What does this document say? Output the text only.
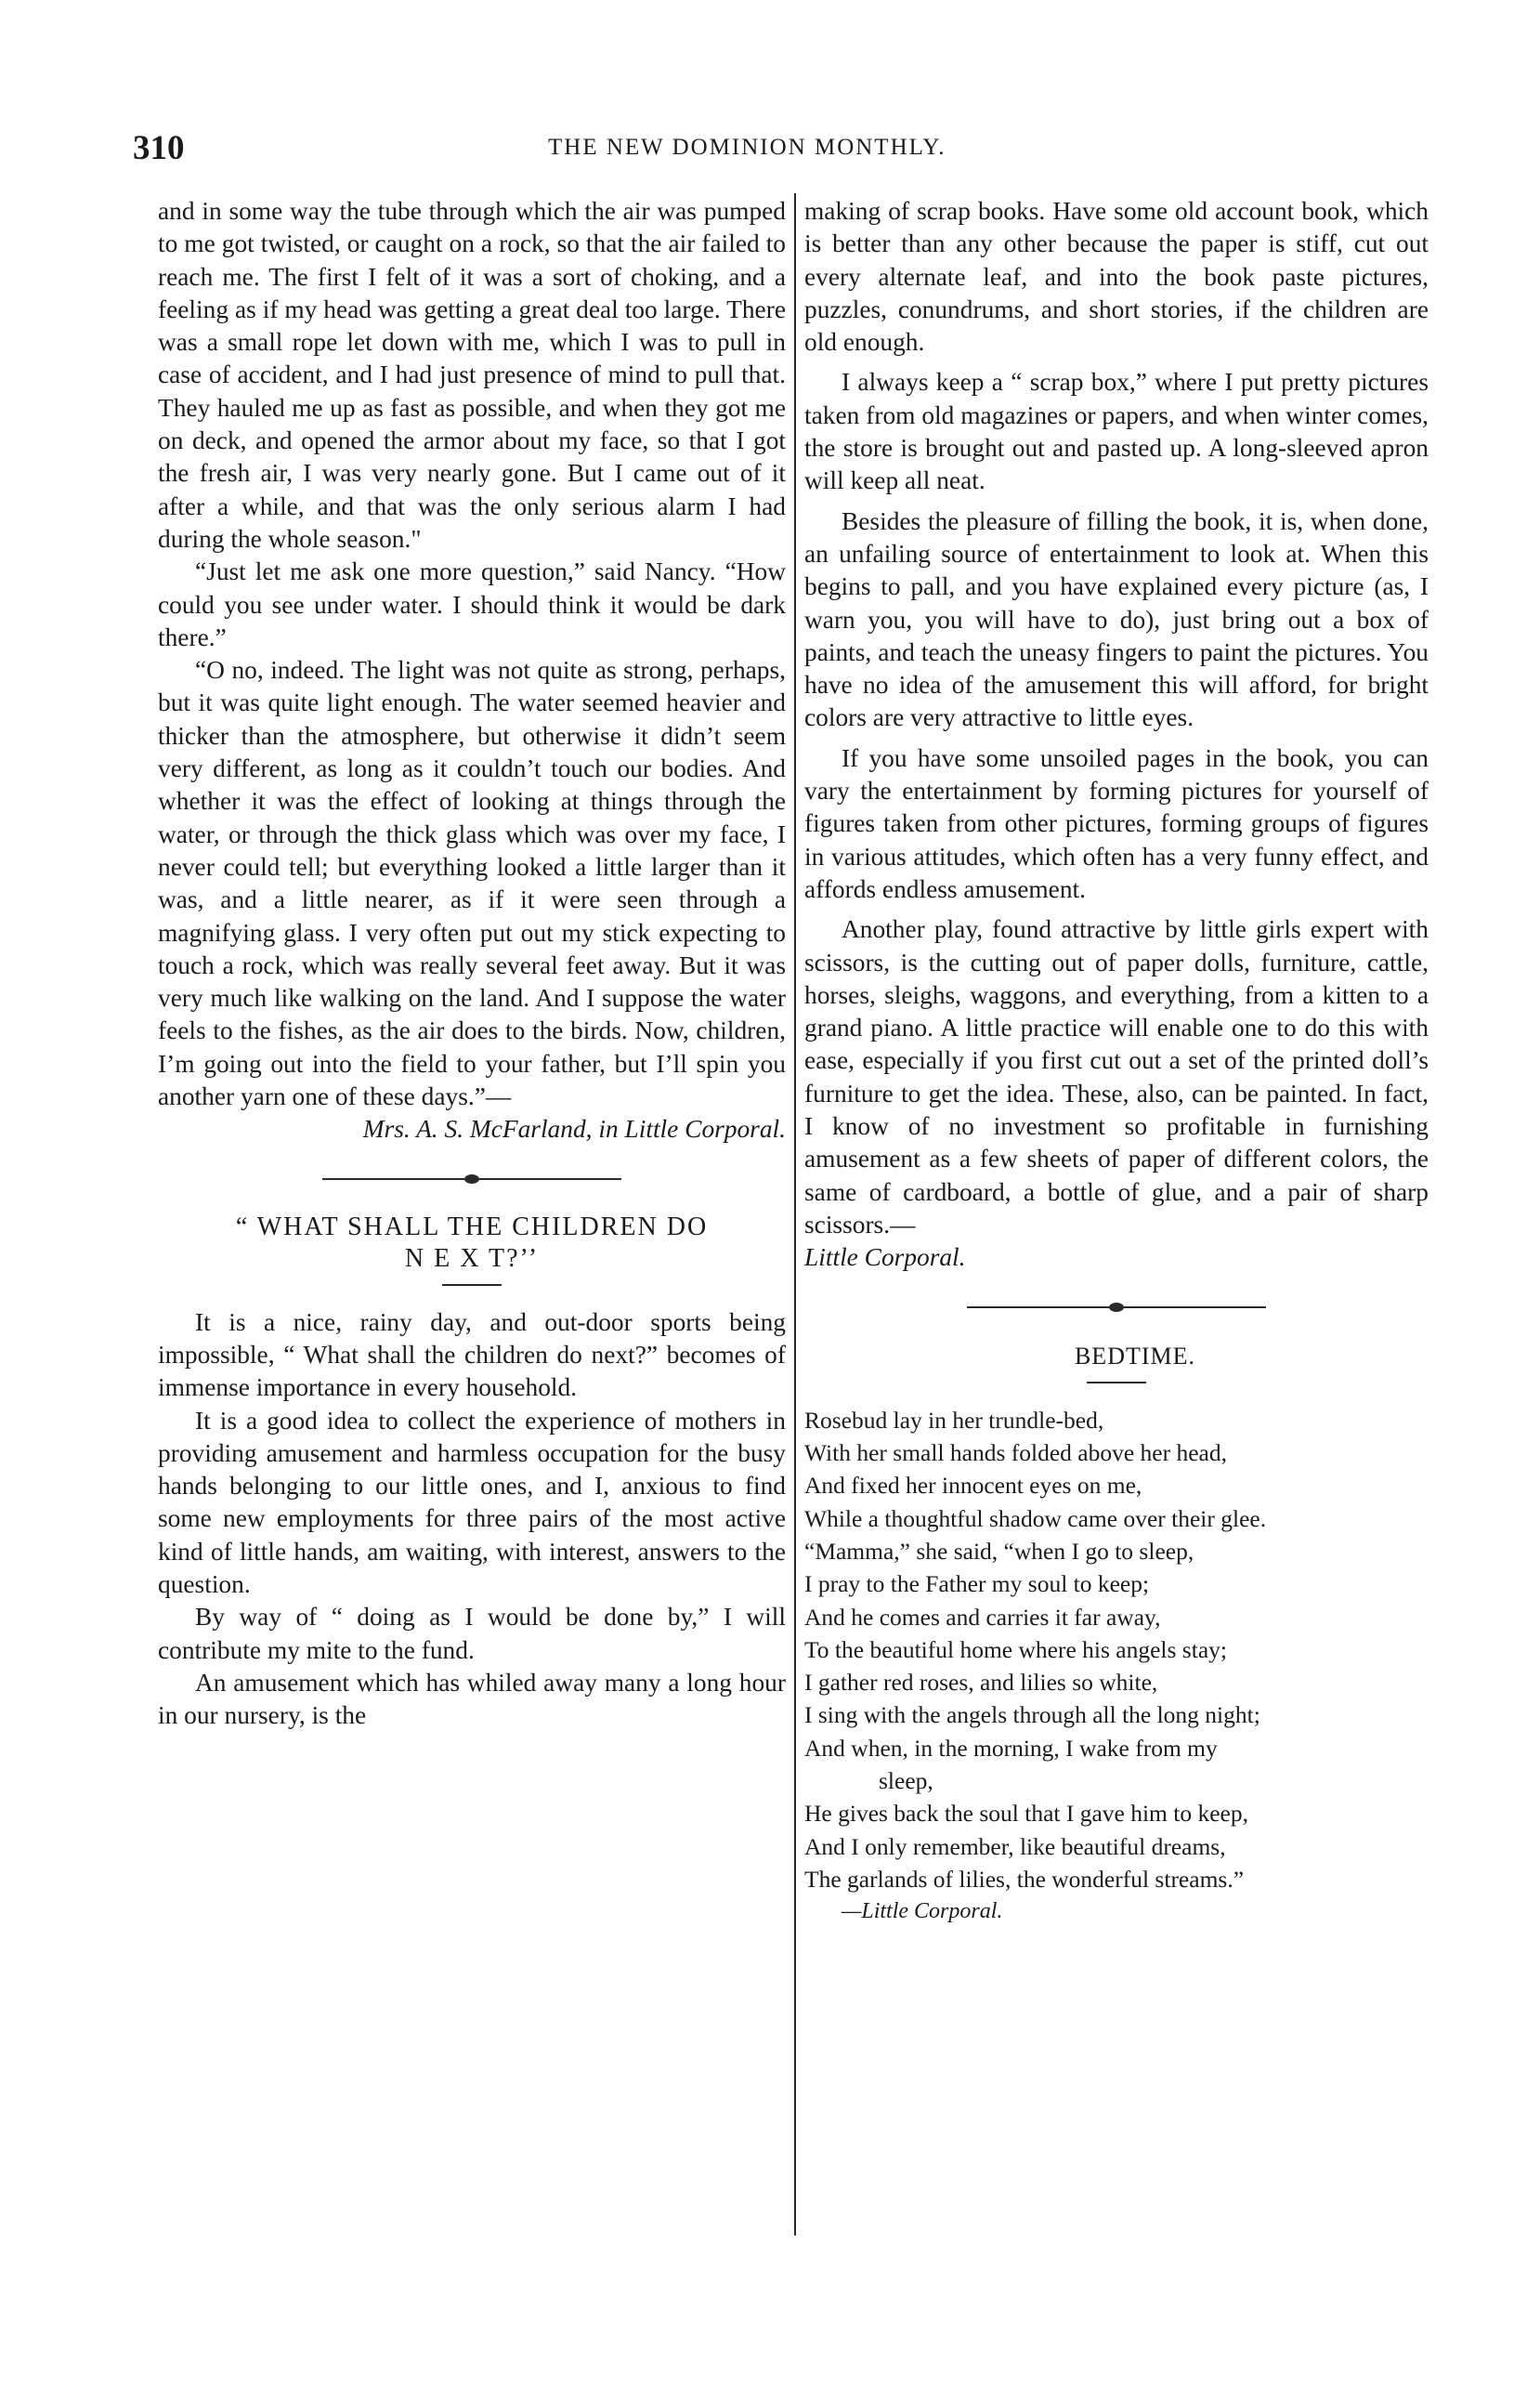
310	THE NEW DOMINION MONTHLY.

and in some way the tube through which the air was pumped to me got twisted, or caught on a rock, so that the air failed to reach me. The first I felt of it was a sort of choking, and a feeling as if my head was getting a great deal too large. There was a small rope let down with me, which I was to pull in case of accident, and I had just presence of mind to pull that. They hauled me up as fast as possible, and when they got me on deck, and opened the armor about my face, so that I got the fresh air, I was very nearly gone. But I came out of it after a while, and that was the only serious alarm I had during the whole season."

“Just let me ask one more question,” said Nancy. “How could you see under water. I should think it would be dark there.”

“O no, indeed. The light was not quite as strong, perhaps, but it was quite light enough. The water seemed heavier and thicker than the atmosphere, but otherwise it didn’t seem very different, as long as it couldn’t touch our bodies. And whether it was the effect of looking at things through the water, or through the thick glass which was over my face, I never could tell; but everything looked a little larger than it was, and a little nearer, as if it were seen through a magnifying glass. I very often put out my stick expecting to touch a rock, which was really several feet away. But it was very much like walking on the land. And I suppose the water feels to the fishes, as the air does to the birds. Now, children, I’m going out into the field to your father, but I’ll spin you another yarn one of these days.”—

Mrs. A. S. McFarland, in Little Corporal.

“ WHAT SHALL THE CHILDREN DO
N E X T?’’

It is a nice, rainy day, and out-door sports being impossible, “ What shall the children do next?” becomes of immense importance in every household.

It is a good idea to collect the experience of mothers in providing amusement and harmless occupation for the busy hands belonging to our little ones, and I, anxious to find some new employments for three pairs of the most active kind of little hands, am waiting, with interest, answers to the question.

By way of “ doing as I would be done by,” I will contribute my mite to the fund.

An amusement which has whiled away many a long hour in our nursery, is the

making of scrap books. Have some old account book, which is better than any other because the paper is stiff, cut out every alternate leaf, and into the book paste pictures, puzzles, conundrums, and short stories, if the children are old enough.

I always keep a “ scrap box,” where I put pretty pictures taken from old magazines or papers, and when winter comes, the store is brought out and pasted up. A long-sleeved apron will keep all neat.

Besides the pleasure of filling the book, it is, when done, an unfailing source of entertainment to look at. When this begins to pall, and you have explained every picture (as, I warn you, you will have to do), just bring out a box of paints, and teach the uneasy fingers to paint the pictures. You have no idea of the amusement this will afford, for bright colors are very attractive to little eyes.

If you have some unsoiled pages in the book, you can vary the entertainment by forming pictures for yourself of figures taken from other pictures, forming groups of figures in various attitudes, which often has a very funny effect, and affords endless amusement.

Another play, found attractive by little girls expert with scissors, is the cutting out of paper dolls, furniture, cattle, horses, sleighs, waggons, and everything, from a kitten to a grand piano. A little practice will enable one to do this with ease, especially if you first cut out a set of the printed doll’s furniture to get the idea. These, also, can be painted. In fact, I know of no investment so profitable in furnishing amusement as a few sheets of paper of different colors, the same of cardboard, a bottle of glue, and a pair of sharp scissors.—

Little Corporal.

BEDTIME.

Rosebud lay in her trundle-bed,
With her small hands folded above her head,
And fixed her innocent eyes on me,
While a thoughtful shadow came over their glee.
“Mamma,” she said, “when I go to sleep,
I pray to the Father my soul to keep;
And he comes and carries it far away,
To the beautiful home where his angels stay;
I gather red roses, and lilies so white,
I sing with the angels through all the long night;
And when, in the morning, I wake from my
sleep,
He gives back the soul that I gave him to keep,
And I only remember, like beautiful dreams,
The garlands of lilies, the wonderful streams.”

—Little Corporal.
